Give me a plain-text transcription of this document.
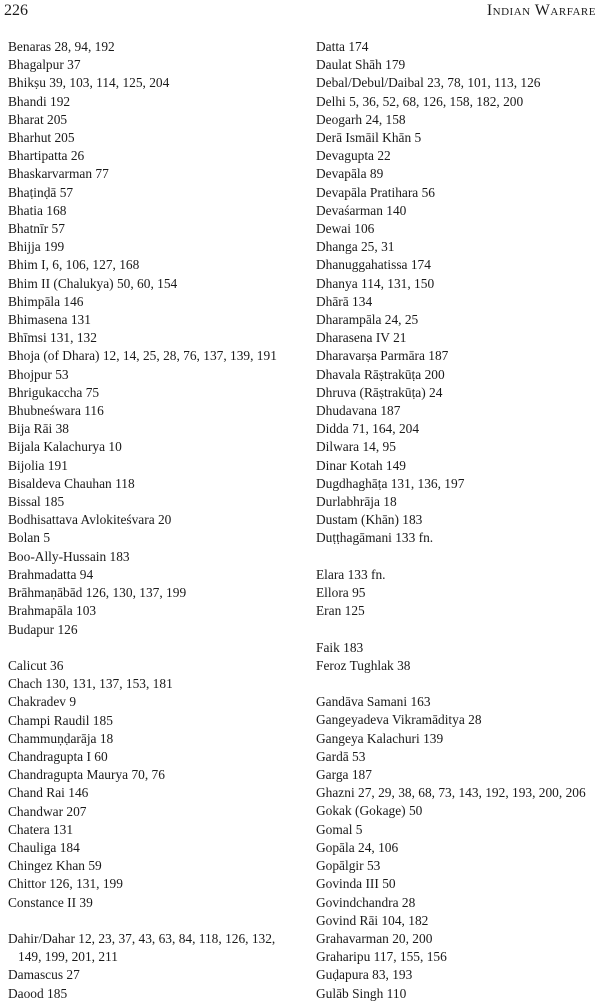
226	Indian Warfare
Benaras 28, 94, 192
Bhagalpur 37
Bhikṣu 39, 103, 114, 125, 204
Bhandi 192
Bharat 205
Bharhut 205
Bhartipatta 26
Bhaskarvarman 77
Bhaṭinḍā 57
Bhatia 168
Bhatnīr 57
Bhijja 199
Bhim I, 6, 106, 127, 168
Bhim II (Chalukya) 50, 60, 154
Bhimpāla 146
Bhimasena 131
Bhīmsi 131, 132
Bhoja (of Dhara) 12, 14, 25, 28, 76, 137, 139, 191
Bhojpur 53
Bhrigukaccha 75
Bhubneśwara 116
Bija Rāi 38
Bijala Kalachurya 10
Bijolia 191
Bisaldeva Chauhan 118
Bissal 185
Bodhisattava Avlokiteśvara 20
Bolan 5
Boo-Ally-Hussain 183
Brahmadatta 94
Brāhmaṇābād 126, 130, 137, 199
Brahmapāla 103
Budapur 126
Calicut 36
Chach 130, 131, 137, 153, 181
Chakradev 9
Champi Raudil 185
Chammuṇḍarāja 18
Chandragupta I 60
Chandragupta Maurya 70, 76
Chand Rai 146
Chandwar 207
Chatera 131
Chauliga 184
Chingez Khan 59
Chittor 126, 131, 199
Constance II 39
Dahir/Dahar 12, 23, 37, 43, 63, 84, 118, 126, 132, 149, 199, 201, 211
Damascus 27
Daood 185
Datta 174
Daulat Shāh 179
Debal/Debul/Daibal 23, 78, 101, 113, 126
Delhi 5, 36, 52, 68, 126, 158, 182, 200
Deogarh 24, 158
Derā Ismāil Khān 5
Devagupta 22
Devapāla 89
Devapāla Pratihara 56
Devaśarman 140
Dewai 106
Dhanga 25, 31
Dhanuggahatissa 174
Dhanya 114, 131, 150
Dhārā 134
Dharampāla 24, 25
Dharasena IV 21
Dharavarṣa Parmāra 187
Dhavala Rāṣtrakūṭa 200
Dhruva (Rāṣtrakūṭa) 24
Dhudavana 187
Didda 71, 164, 204
Dilwara 14, 95
Dinar Kotah 149
Dugdhaghāṭa 131, 136, 197
Durlabhrāja 18
Dustam (Khān) 183
Duṭṭhagāmani 133 fn.
Elara 133 fn.
Ellora 95
Eran 125
Faik 183
Feroz Tughlak 38
Gandāva Samani 163
Gangeyadeva Vikramāditya 28
Gangeya Kalachuri 139
Gardā 53
Garga 187
Ghazni 27, 29, 38, 68, 73, 143, 192, 193, 200, 206
Gokak (Gokage) 50
Gomal 5
Gopāla 24, 106
Gopālgir 53
Govinda III 50
Govindchandra 28
Govind Rāi 104, 182
Grahavarman 20, 200
Graharipu 117, 155, 156
Guḍapura 83, 193
Gulāb Singh 110
